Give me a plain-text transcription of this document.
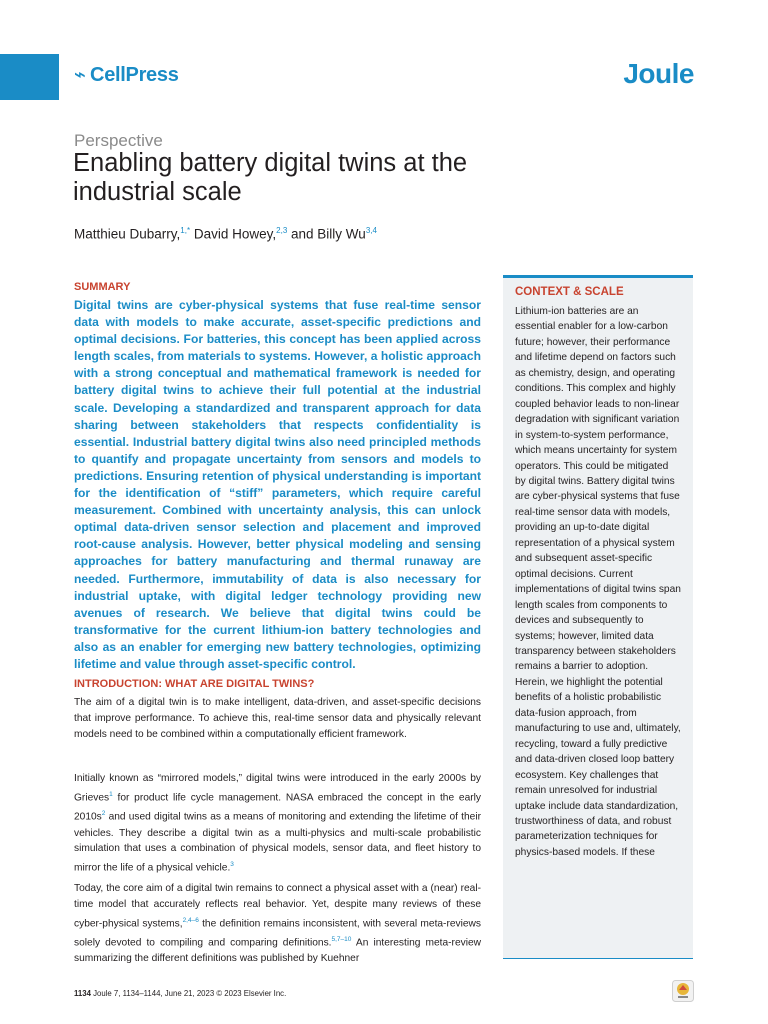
⌁ CellPress	Joule
Perspective
Enabling battery digital twins at the industrial scale
Matthieu Dubarry,$^{1,*}$ David Howey,$^{2,3}$ and Billy Wu$^{3,4}$
SUMMARY

Digital twins are cyber-physical systems that fuse real-time sensor data with models to make accurate, asset-specific predictions and optimal decisions. For batteries, this concept has been applied across length scales, from materials to systems. However, a holistic approach with a strong conceptual and mathematical framework is needed for battery digital twins to achieve their full potential at the industrial scale. Developing a standardized and transparent approach for data sharing between stakeholders that respects confidentiality is essential. Industrial battery digital twins also need principled methods to quantify and propagate uncertainty from sensors and models to predictions. Ensuring retention of physical understanding is important for the identification of “stiff” parameters, which require careful measurement. Combined with uncertainty analysis, this can unlock optimal data-driven sensor selection and placement and improved root-cause analysis. However, better physical modeling and sensing approaches for battery manufacturing and thermal runaway are needed. Furthermore, immutability of data is also necessary for industrial uptake, with digital ledger technology providing new avenues of research. We believe that digital twins could be transformative for the current lithium-ion battery technologies and also as an enabler for emerging new battery technologies, optimizing lifetime and value through asset-specific control.

INTRODUCTION: WHAT ARE DIGITAL TWINS?

The aim of a digital twin is to make intelligent, data-driven, and asset-specific decisions that improve performance. To achieve this, real-time sensor data and physically relevant models need to be combined within a computationally efficient framework.

Initially known as “mirrored models,” digital twins were introduced in the early 2000s by Grieves$^1$ for product life cycle management. NASA embraced the concept in the early $2010s^2$ and used digital twins as a means of monitoring and extending the lifetime of their vehicles. They describe a digital twin as a multi-physics and multi-scale probabilistic simulation that uses a combination of physical models, sensor data, and fleet history to mirror the life of a physical vehicle.$^3$

Today, the core aim of a digital twin remains to connect a physical asset with a (near) real-time model that accurately reflects real behavior. Yet, despite many reviews of these cyber-physical systems,$^{2,4-6}$ the definition remains inconsistent, with several meta-reviews solely devoted to compiling and comparing definitions.$^{5,7-10}$ An interesting meta-review summarizing the different definitions was published by Kuehner

CONTEXT & SCALE
Lithium-ion batteries are an essential enabler for a low-carbon future; however, their performance and lifetime depend on factors such as chemistry, design, and operating conditions. This complex and highly coupled behavior leads to non-linear degradation with significant variation in system-to-system performance, which means uncertainty for system operators. This could be mitigated by digital twins. Battery digital twins are cyber-physical systems that fuse real-time sensor data with models, providing an up-to-date digital representation of a physical system and subsequent asset-specific optimal decisions. Current implementations of digital twins span length scales from components to devices and subsequently to systems; however, limited data transparency between stakeholders remains a barrier to adoption. Herein, we highlight the potential benefits of a holistic probabilistic data-fusion approach, from manufacturing to use and, ultimately, recycling, toward a fully predictive and data-driven closed loop battery ecosystem. Key challenges that remain unresolved for industrial uptake include data standardization, trustworthiness of data, and robust parameterization techniques for physics-based models. If these
1134 Joule 7, 1134–1144, June 21, 2023 © 2023 Elsevier Inc.
